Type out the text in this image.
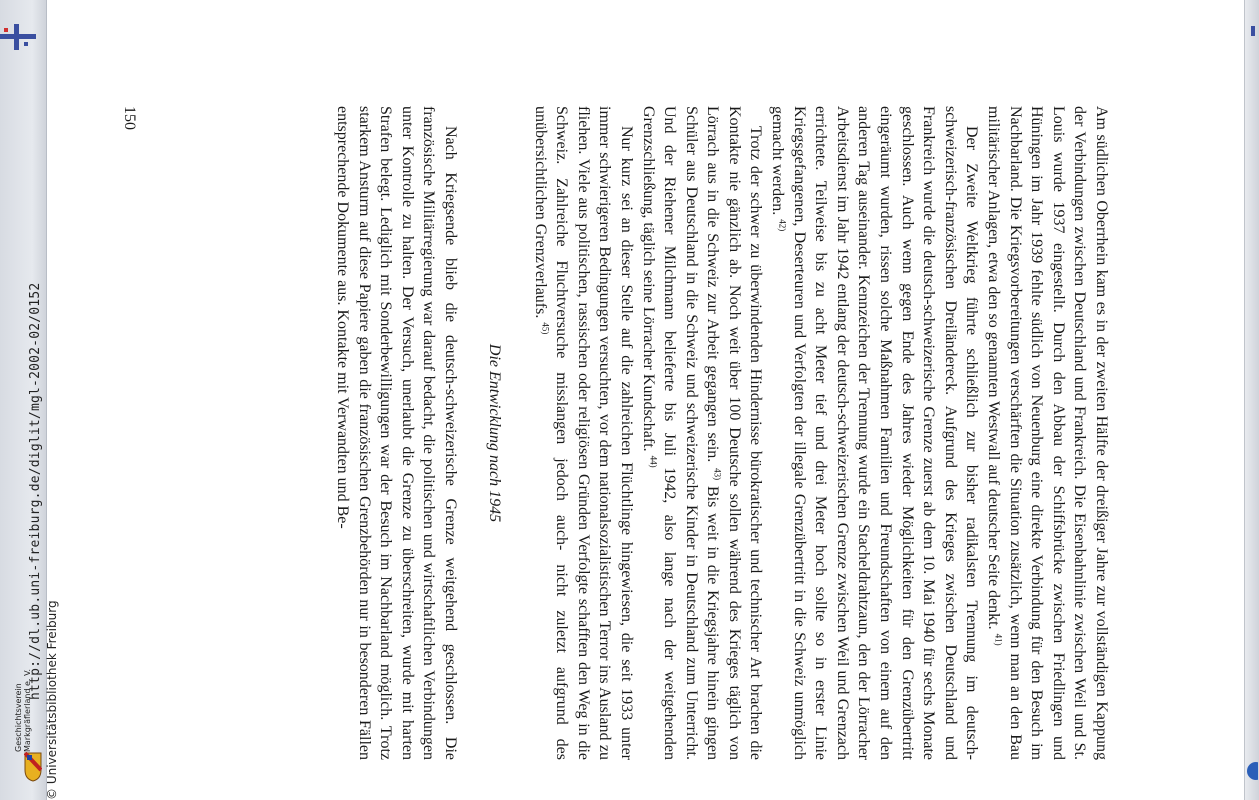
http://dl.ub.uni-freiburg.de/diglit/mgl-2002-02/0152
© Universitätsbibliothek Freiburg
Geschichtsverein Markgräflerland e. V.	Am südlichen Oberrhein kam es in der zweiten Hälfte der dreißiger Jahre zur vollständigen Kappung der Verbindungen zwischen Deutschland und Frankreich. Die Eisenbahnlinie zwischen Weil und St. Louis wurde 1937 eingestellt. Durch den Abbau der Schiffsbrücke zwischen Friedlingen und Hüningen im Jahr 1939 fehlte südlich von Neuenburg eine direkte Verbindung für den Besuch im Nachbarland. Die Kriegsvorbereitungen verschärften die Situation zusätzlich, wenn man an den Bau militärischer Anlagen, etwa den so genannten Westwall auf deutscher Seite denkt. $^{41)}$

Der Zweite Weltkrieg führte schließlich zur bisher radikalsten Trennung im deutsch-schweizerisch-französischen Dreiländereck. Aufgrund des Krieges zwischen Deutschland und Frankreich wurde die deutsch-schweizerische Grenze zuerst ab dem 10. Mai 1940 für sechs Monate geschlossen. Auch wenn gegen Ende des Jahres wieder Möglichkeiten für den Grenzübertritt eingeräumt wurden, rissen solche Maßnahmen Familien und Freundschaften von einem auf den anderen Tag auseinander. Kennzeichen der Trennung wurde ein Stacheldrahtzaun, den der Lörracher Arbeitsdienst im Jahr 1942 entlang der deutsch-schweizerischen Grenze zwischen Weil und Grenzach errichtete. Teilweise bis zu acht Meter tief und drei Meter hoch sollte so in erster Linie Kriegsgefangenen, Deserteuren und Verfolgten der illegale Grenzübertritt in die Schweiz unmöglich gemacht werden. $^{42)}$

Trotz der schwer zu überwindenden Hindernisse bürokratischer und technischer Art brachen die Kontakte nie gänzlich ab. Noch weit über 100 Deutsche sollen während des Krieges täglich von Lörrach aus in die Schweiz zur Arbeit gegangen sein. $^{43)}$ Bis weit in die Kriegsjahre hinein gingen Schüler aus Deutschland in die Schweiz und schweizerische Kinder in Deutschland zum Unterricht. Und der Riehener Milchmann belieferte bis Juli 1942, also lange nach der weitgehenden Grenzschließung, täglich seine Lörracher Kundschaft. $^{44)}$

Nur kurz sei an dieser Stelle auf die zahlreichen Flüchtlinge hingewiesen, die seit 1933 unter immer schwierigeren Bedingungen versuchten, vor dem nationalsozialistischen Terror ins Ausland zu fliehen. Viele aus politischen, rassischen oder religiösen Gründen Verfolgte schafften den Weg in die Schweiz. Zahlreiche Fluchtversuche misslangen jedoch auch- nicht zuletzt aufgrund des unübersichtlichen Grenzverlaufs. $^{45)}$

Die Entwicklung nach 1945

Nach Kriegsende blieb die deutsch-schweizerische Grenze weitgehend geschlossen. Die französische Militärregierung war darauf bedacht, die politischen und wirtschaftlichen Verbindungen unter Kontrolle zu halten. Der Versuch, unerlaubt die Grenze zu überschreiten, wurde mit harten Strafen belegt. Lediglich mit Sonderbewilligungen war der Besuch im Nachbarland möglich. Trotz starkem Ansturm auf diese Papiere gaben die französischen Grenzbehörden nur in besonderen Fällen entsprechende Dokumente aus. Kontakte mit Verwandten und Be-

150
